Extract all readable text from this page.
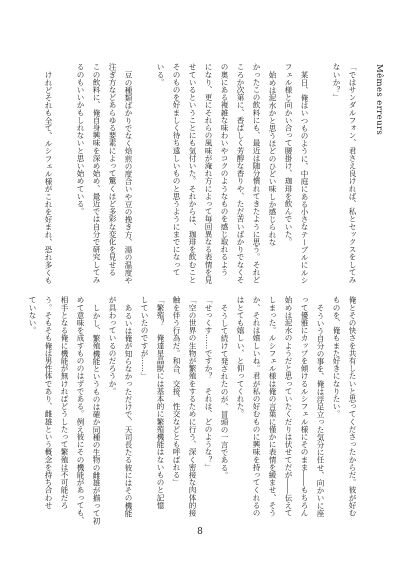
Mêmes erreurs
「ではサンダルフォン、君さえ良ければ、私とセックスをしてみ
ないか？」
某日、俺はいつものように、中庭にある小さなテーブルにルシ
フェル様と向かい合って腰掛け、珈琲を飲んでいた。
始めは泥水かと思うほどのひどい味しか感じられな
かったこの飲料にも、最近は随分慣れてきたように思う。それど
ころか次第に、香ばしく芳醇な香りや、ただ苦いばかりでなくそ
の奥にある複雑な味わいやコクのようなものを感じ取れるよう
になり、更にそれらの風味が淹れ方によって毎回異なる表情を見
せているということにも気付いた。それからは、珈琲を飲むこと
そのものを好ましく待ち遠しいものと思うようにまでになって
いる。
豆の種類ばかりでなく焙煎の度合いや豆の挽き方、湯の温度や
注ぎ方などあらゆる要素によって驚くほど多彩な変化を見せる
この飲料に、俺自身興味を深め始め、最近では自分で研究してみ
るのもいいかもしれないと思い始めている。
けれどそれも全て、ルシフェル様がこれを好まれ、恐れ多くも
俺とその快さを共有したいと思ってくださったからだ。彼が好む
ものを、俺もまた好きになりたい。
そういう自分の事を、俺は浮足立った気分に任せ、向かいに座
って優雅にカップを傾けるルシフェル様にそのまま――もちろん
始めは泥水のようだと思っていたくだりは伏せてだが――伝えて
しまった。ルシフェル様は俺の言葉に僅かに表情を緩ませ、そう
か、それは嬉しいね。君が私の好むものに興味を持ってくれるの
はとても嬉しい、と仰ってくれた。
そうして続けて発されたのが、冒頭の一言である。
「せっくす……ですか？　それは、どのような？」
「空の世界の生物が繁殖をするために行う、深く密接な肉体的接
触を伴う行為だ。和合、交接、性交などとも呼ばれる」
「繁殖？　俺達星晶獣には基本的に繁殖機能はないものと記憶
していたのですが……」
あるいは俺が知らなかっただけで、天司長たる彼にはその機能
が具わっているのだろうか。
しかし、繁殖機能というものは確か同種の生物の雌雄が揃って初
めて意味を成すもののはずである。例え彼にその機能があっても、
相手となる俺に機能が無ければどうしたって繁殖は不可能だろ
う。そもそも俺は男性体であり、雌雄という概念を持ち合わせ
ていない。
8
